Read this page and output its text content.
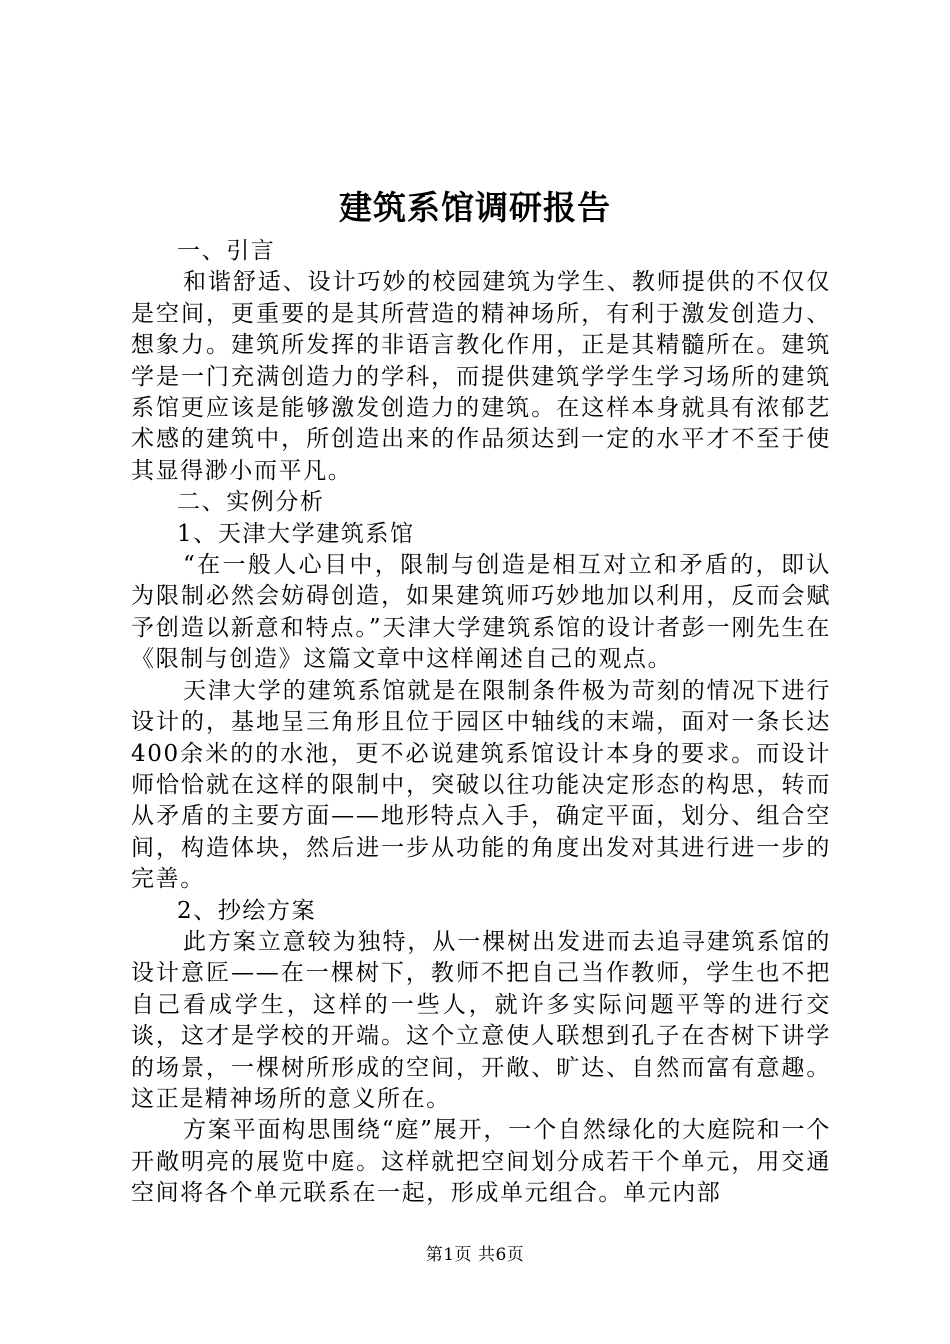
建筑系馆调研报告

一、引言

和谐舒适、设计巧妙的校园建筑为学生、教师提供的不仅仅是空间，更重要的是其所营造的精神场所，有利于激发创造力、想象力。建筑所发挥的非语言教化作用，正是其精髓所在。建筑学是一门充满创造力的学科，而提供建筑学学生学习场所的建筑系馆更应该是能够激发创造力的建筑。在这样本身就具有浓郁艺术感的建筑中，所创造出来的作品须达到一定的水平才不至于使其显得渺小而平凡。

二、实例分析

1、天津大学建筑系馆

“在一般人心目中，限制与创造是相互对立和矛盾的，即认为限制必然会妨碍创造，如果建筑师巧妙地加以利用，反而会赋予创造以新意和特点。”天津大学建筑系馆的设计者彭一刚先生在《限制与创造》这篇文章中这样阐述自己的观点。

天津大学的建筑系馆就是在限制条件极为苛刻的情况下进行设计的，基地呈三角形且位于园区中轴线的末端，面对一条长达400余米的的水池，更不必说建筑系馆设计本身的要求。而设计师恰恰就在这样的限制中，突破以往功能决定形态的构思，转而从矛盾的主要方面——地形特点入手，确定平面，划分、组合空间，构造体块，然后进一步从功能的角度出发对其进行进一步的完善。

2、抄绘方案

此方案立意较为独特，从一棵树出发进而去追寻建筑系馆的设计意匠——在一棵树下，教师不把自己当作教师，学生也不把自己看成学生，这样的一些人，就许多实际问题平等的进行交谈，这才是学校的开端。这个立意使人联想到孔子在杏树下讲学的场景，一棵树所形成的空间，开敞、旷达、自然而富有意趣。这正是精神场所的意义所在。

方案平面构思围绕“庭”展开，一个自然绿化的大庭院和一个开敞明亮的展览中庭。这样就把空间划分成若干个单元，用交通空间将各个单元联系在一起，形成单元组合。单元内部

第1页 共6页
